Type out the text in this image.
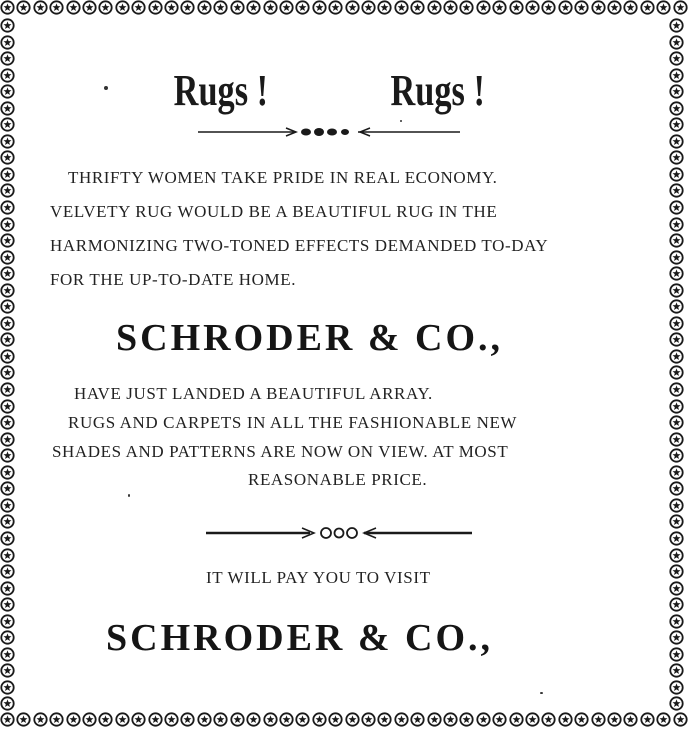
Rugs !	Rugs !
THRIFTY WOMEN TAKE PRIDE IN REAL ECONOMY.
VELVETY RUG WOULD BE A BEAUTIFUL RUG IN THE
HARMONIZING TWO-TONED EFFECTS DEMANDED TO-DAY
FOR THE UP-TO-DATE HOME.
SCHRODER & CO.,
HAVE JUST LANDED A BEAUTIFUL ARRAY.
RUGS AND CARPETS IN ALL THE FASHIONABLE NEW
SHADES AND PATTERNS ARE NOW ON VIEW. AT MOST
REASONABLE PRICE.
IT WILL PAY YOU TO VISIT
SCHRODER & CO.,
